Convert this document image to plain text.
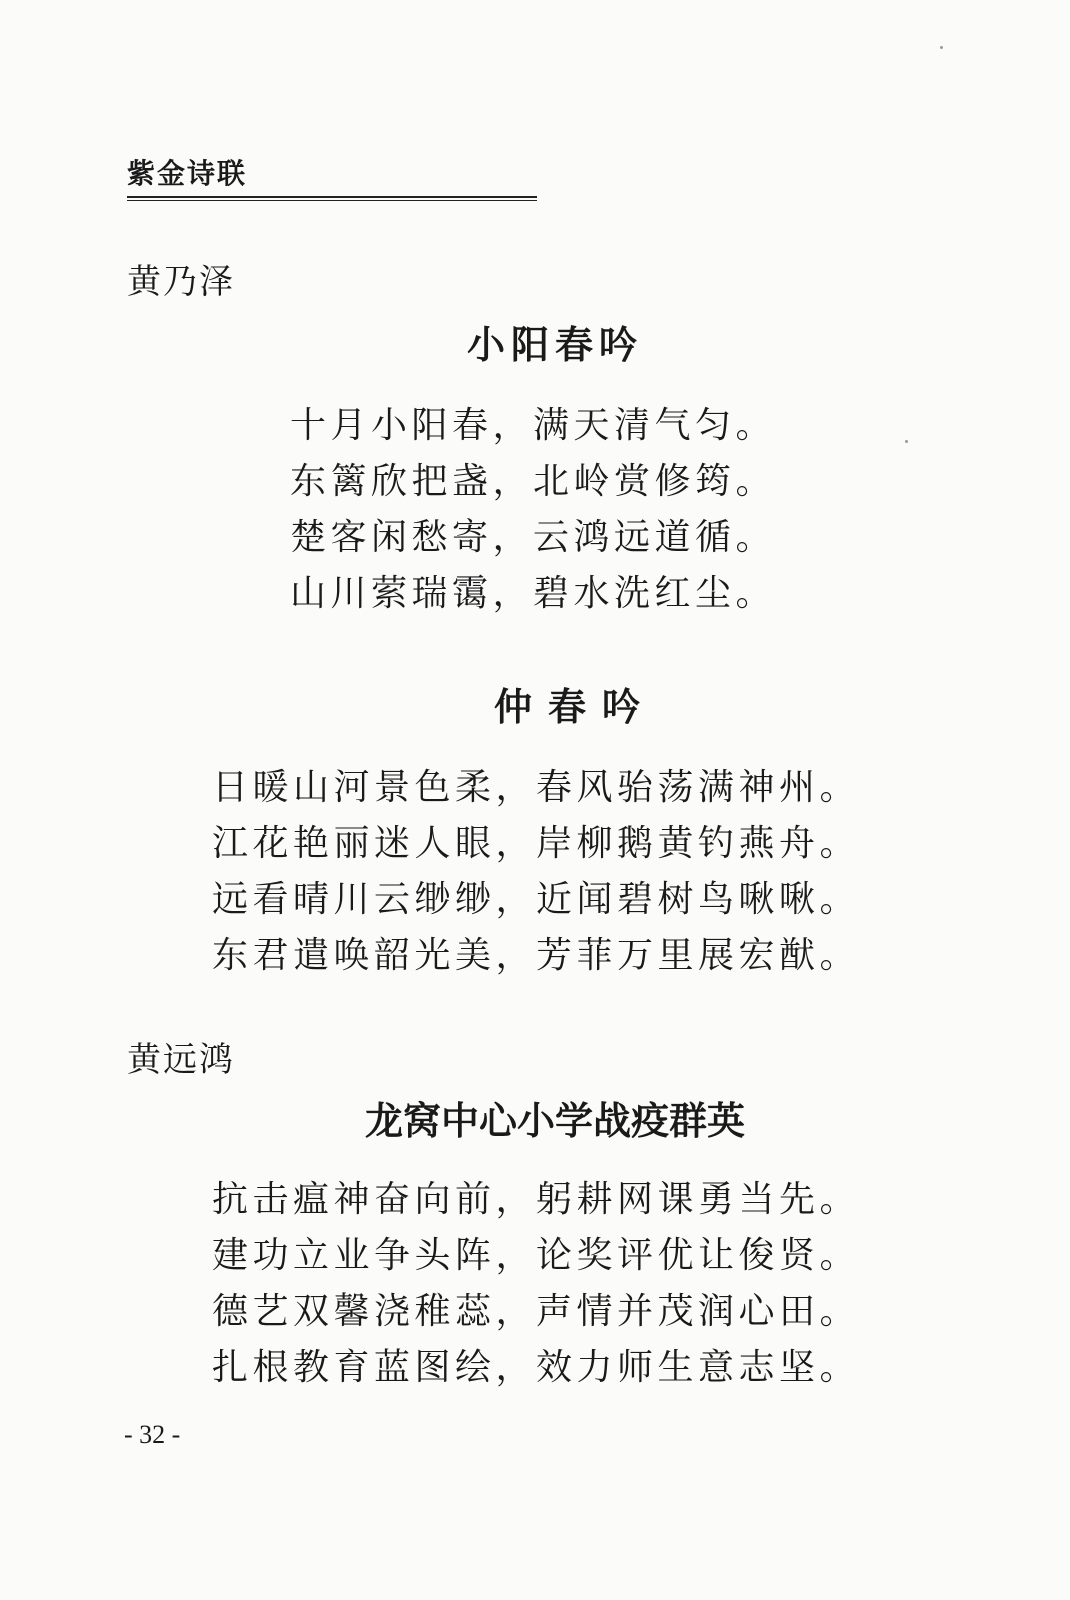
紫金诗联
黄乃泽
小阳春吟
十月小阳春，满天清气匀。
东篱欣把盏，北岭赏修筠。
楚客闲愁寄，云鸿远道循。
山川萦瑞霭，碧水洗红尘。
仲春吟
日暖山河景色柔，春风骀荡满神州。
江花艳丽迷人眼，岸柳鹅黄钓燕舟。
远看晴川云缈缈，近闻碧树鸟啾啾。
东君遣唤韶光美，芳菲万里展宏猷。
黄远鸿
龙窝中心小学战疫群英
抗击瘟神奋向前，躬耕网课勇当先。
建功立业争头阵，论奖评优让俊贤。
德艺双馨浇稚蕊，声情并茂润心田。
扎根教育蓝图绘，效力师生意志坚。
- 32 -
